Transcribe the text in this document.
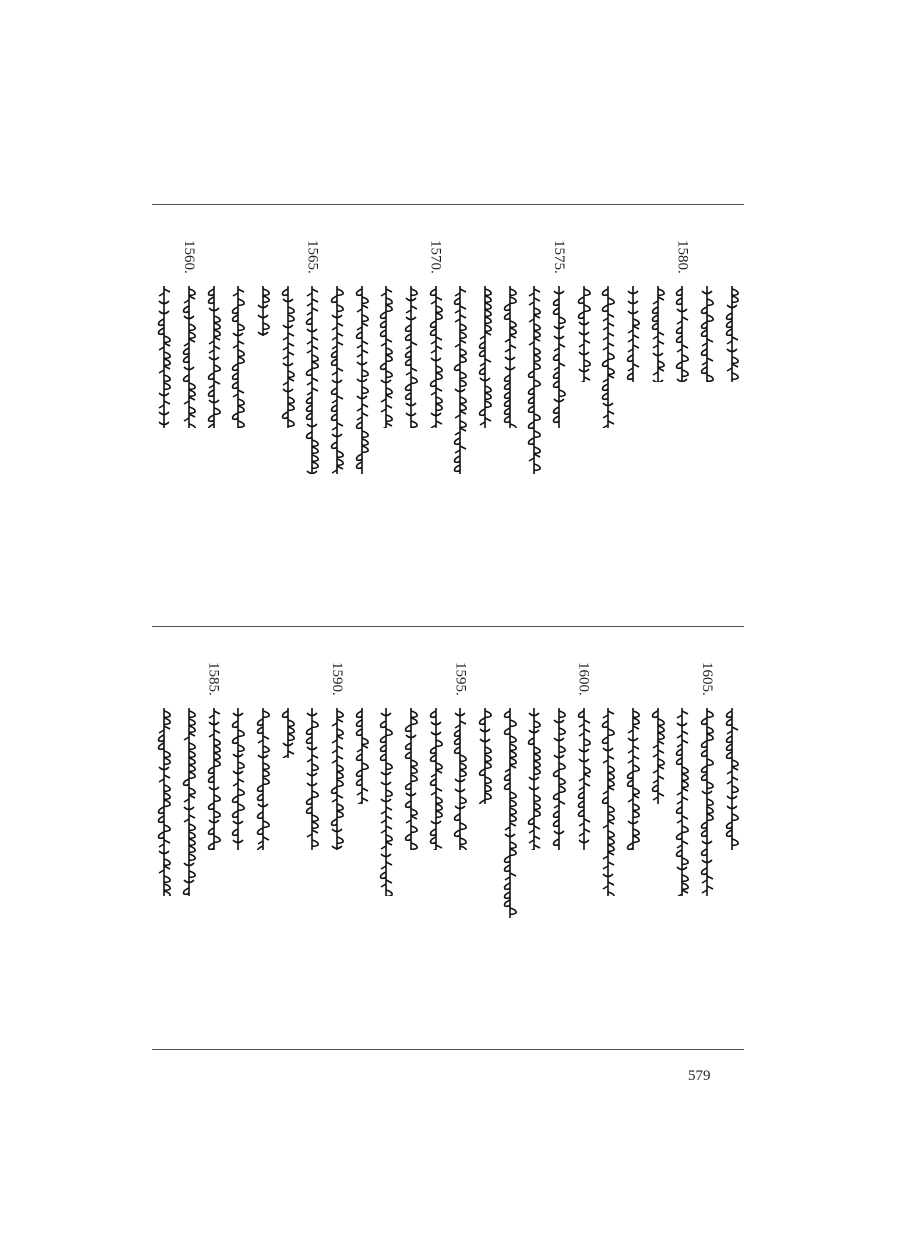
1580.
1575.
1570.
1565.
1560.
1605.
1600.
1595.
1590.
1585.
579
